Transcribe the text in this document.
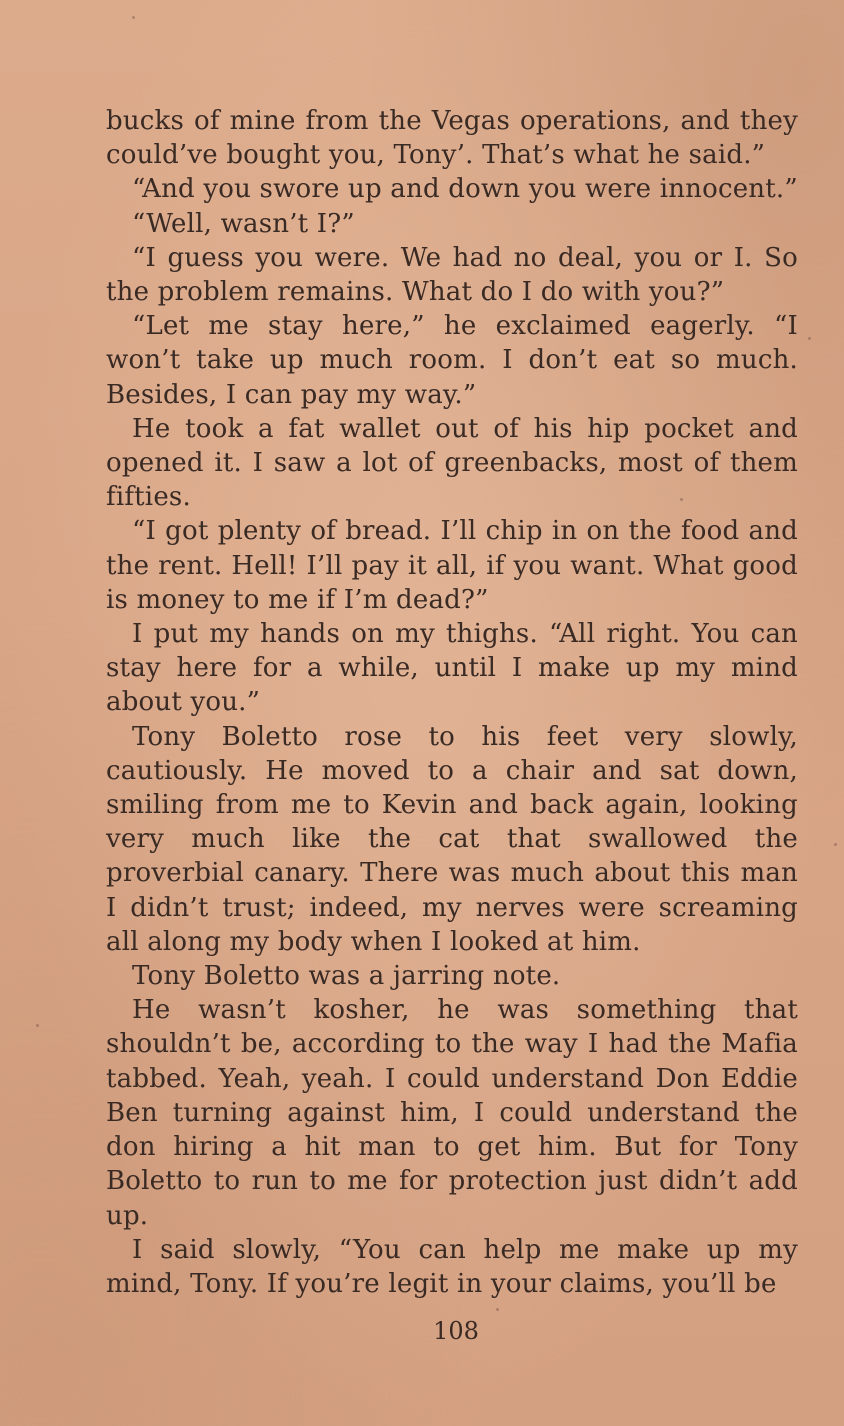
bucks of mine from the Vegas operations, and they could’ve bought you, Tony’. That’s what he said.”

“And you swore up and down you were innocent.”

“Well, wasn’t I?”

“I guess you were. We had no deal, you or I. So the problem remains. What do I do with you?”

“Let me stay here,” he exclaimed eagerly. “I won’t take up much room. I don’t eat so much. Besides, I can pay my way.”

He took a fat wallet out of his hip pocket and opened it. I saw a lot of greenbacks, most of them fifties.

“I got plenty of bread. I’ll chip in on the food and the rent. Hell! I’ll pay it all, if you want. What good is money to me if I’m dead?”

I put my hands on my thighs. “All right. You can stay here for a while, until I make up my mind about you.”

Tony Boletto rose to his feet very slowly, cautiously. He moved to a chair and sat down, smiling from me to Kevin and back again, looking very much like the cat that swallowed the proverbial canary. There was much about this man I didn’t trust; indeed, my nerves were screaming all along my body when I looked at him.

Tony Boletto was a jarring note.

He wasn’t kosher, he was something that shouldn’t be, according to the way I had the Mafia tabbed. Yeah, yeah. I could understand Don Eddie Ben turning against him, I could understand the don hiring a hit man to get him. But for Tony Boletto to run to me for protection just didn’t add up.

I said slowly, “You can help me make up my mind, Tony. If you’re legit in your claims, you’ll be

108
